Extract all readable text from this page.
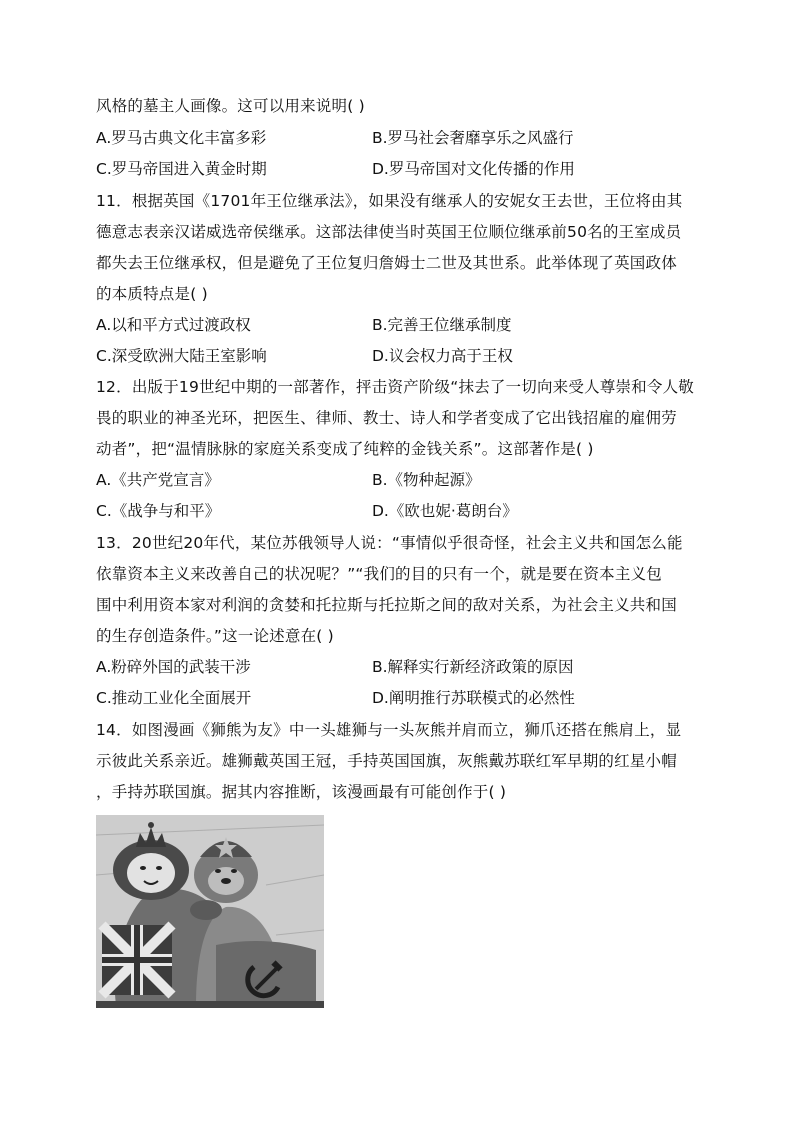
风格的墓主人画像。这可以用来说明( )
A.罗马古典文化丰富多彩	B.罗马社会奢靡享乐之风盛行
C.罗马帝国进入黄金时期	D.罗马帝国对文化传播的作用
11．根据英国《1701年王位继承法》，如果没有继承人的安妮女王去世，王位将由其
德意志表亲汉诺威选帝侯继承。这部法律使当时英国王位顺位继承前50名的王室成员
都失去王位继承权，但是避免了王位复归詹姆士二世及其世系。此举体现了英国政体
的本质特点是( )
A.以和平方式过渡政权	B.完善王位继承制度
C.深受欧洲大陆王室影响	D.议会权力高于王权
12．出版于19世纪中期的一部著作，抨击资产阶级“抹去了一切向来受人尊崇和令人敬
畏的职业的神圣光环，把医生、律师、教士、诗人和学者变成了它出钱招雇的雇佣劳
动者”，把“温情脉脉的家庭关系变成了纯粹的金钱关系”。这部著作是( )
A.《共产党宣言》	B.《物种起源》
C.《战争与和平》	D.《欧也妮·葛朗台》
13．20世纪20年代，某位苏俄领导人说：“事情似乎很奇怪，社会主义共和国怎么能
依靠资本主义来改善自己的状况呢？”“我们的目的只有一个，就是要在资本主义包
围中利用资本家对利润的贪婪和托拉斯与托拉斯之间的敌对关系，为社会主义共和国
的生存创造条件。”这一论述意在( )
A.粉碎外国的武装干涉	B.解释实行新经济政策的原因
C.推动工业化全面展开	D.阐明推行苏联模式的必然性
14．如图漫画《狮熊为友》中一头雄狮与一头灰熊并肩而立，狮爪还搭在熊肩上，显
示彼此关系亲近。雄狮戴英国王冠，手持英国国旗，灰熊戴苏联红军早期的红星小帽
，手持苏联国旗。据其内容推断，该漫画最有可能创作于( )
